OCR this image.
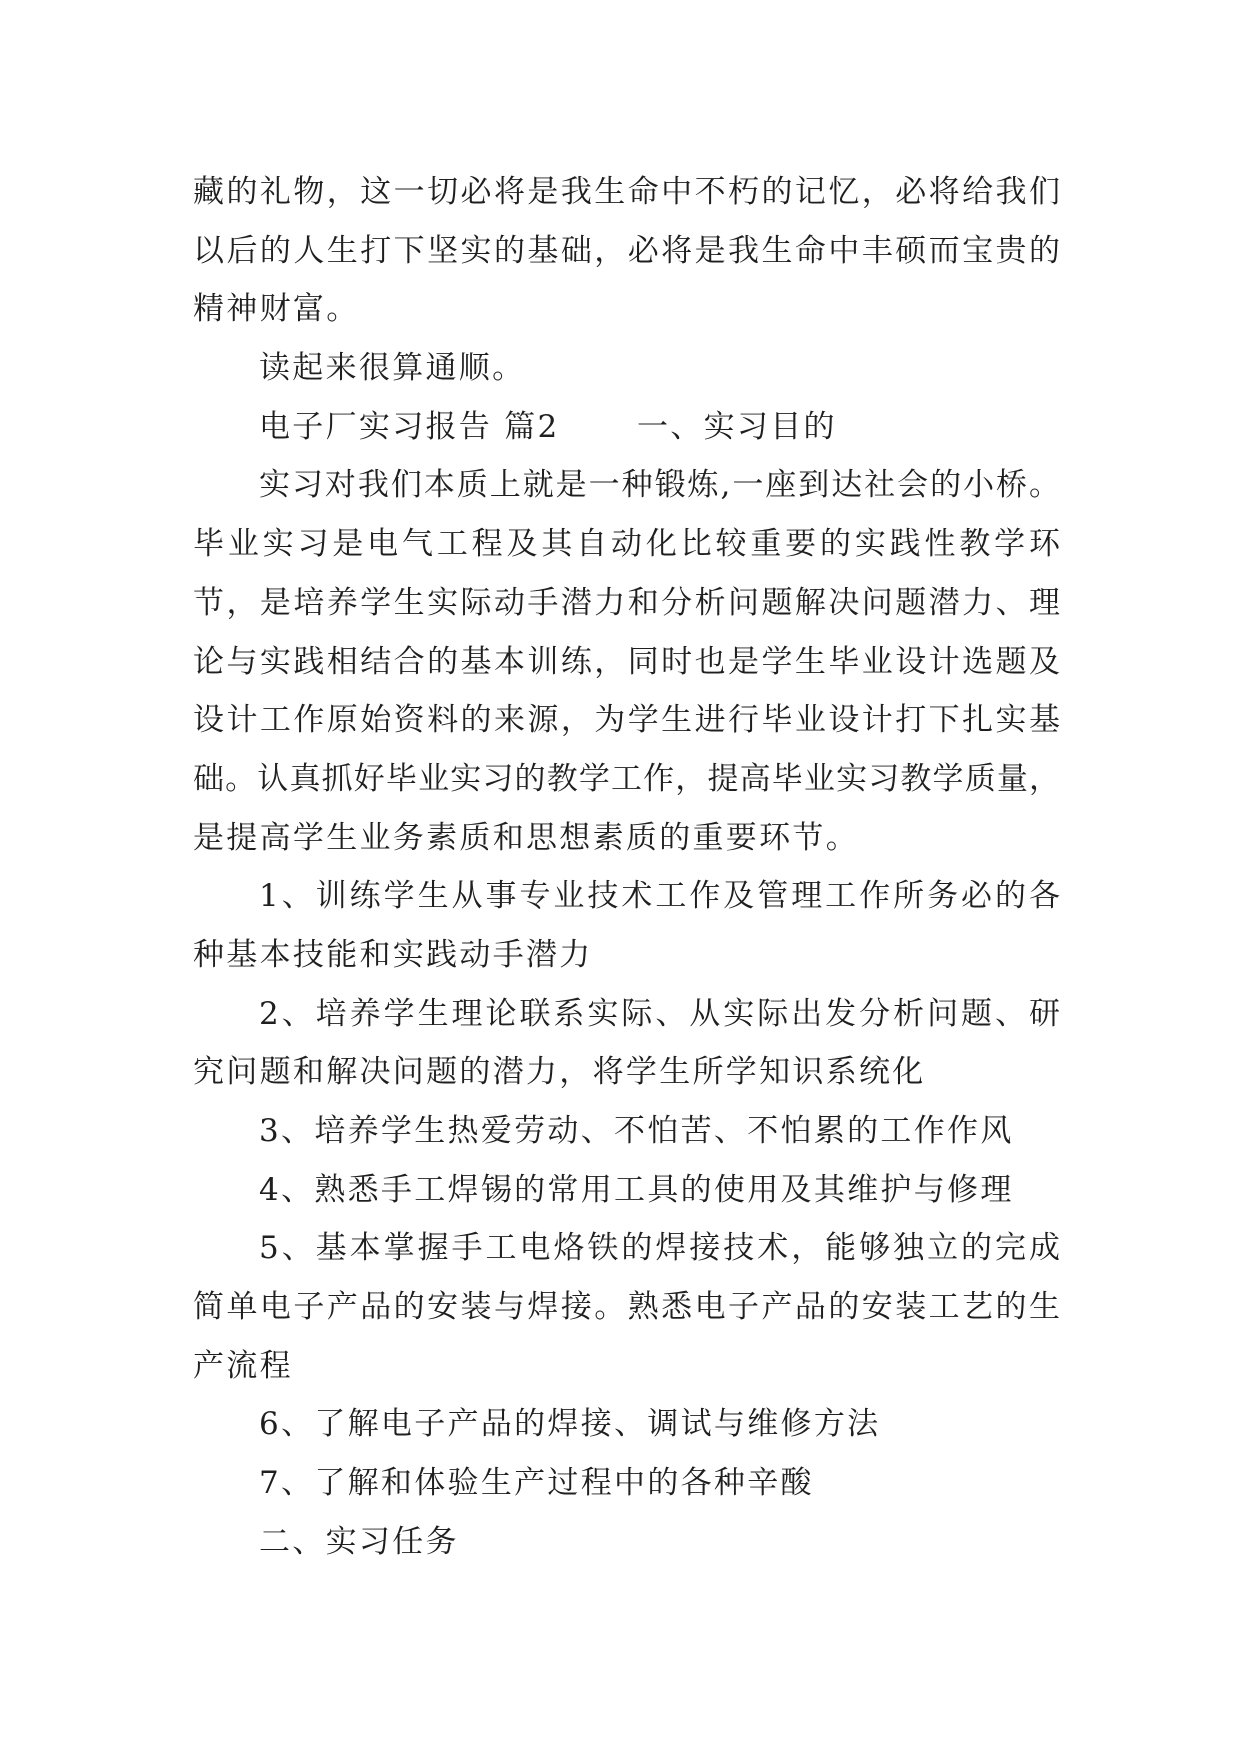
藏的礼物，这一切必将是我生命中不朽的记忆，必将给我们
以后的人生打下坚实的基础，必将是我生命中丰硕而宝贵的
精神财富。
读起来很算通顺。
电子厂实习报告 篇2 一、实习目的
实习对我们本质上就是一种锻炼,一座到达社会的小桥。
毕业实习是电气工程及其自动化比较重要的实践性教学环
节，是培养学生实际动手潜力和分析问题解决问题潜力、理
论与实践相结合的基本训练，同时也是学生毕业设计选题及
设计工作原始资料的来源，为学生进行毕业设计打下扎实基
础。认真抓好毕业实习的教学工作，提高毕业实习教学质量，
是提高学生业务素质和思想素质的重要环节。
1、训练学生从事专业技术工作及管理工作所务必的各
种基本技能和实践动手潜力
2、培养学生理论联系实际、从实际出发分析问题、研
究问题和解决问题的潜力，将学生所学知识系统化
3、培养学生热爱劳动、不怕苦、不怕累的工作作风
4、熟悉手工焊锡的常用工具的使用及其维护与修理
5、基本掌握手工电烙铁的焊接技术，能够独立的完成
简单电子产品的安装与焊接。熟悉电子产品的安装工艺的生
产流程
6、了解电子产品的焊接、调试与维修方法
7、了解和体验生产过程中的各种辛酸
二、实习任务
